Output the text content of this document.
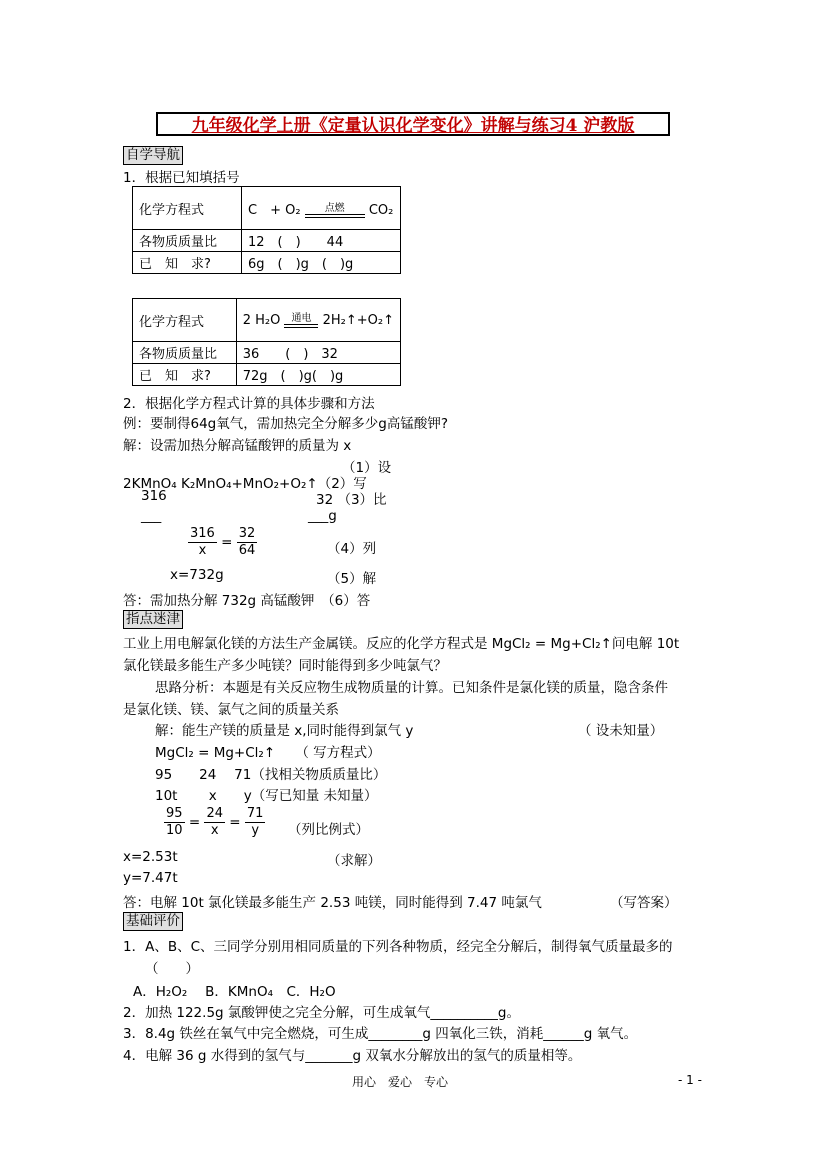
九年级化学上册《定量认识化学变化》讲解与练习4 沪教版
自学导航
1．根据已知填括号
化学方程式	C　+ O₂ 点燃 CO₂
各物质质量比	12　(　)　　44
已　知　求?	6g　(　)g　(　)g
化学方程式	2 H₂O 通电 2H₂↑+O₂↑
各物质质量比	36　　(　)　32
已　知　求?	72g　(　)g(　)g
2．根据化学方程式计算的具体步骤和方法
例：要制得64g氧气，需加热完全分解多少g高锰酸钾?
解：设需加热分解高锰酸钾的质量为 x
（1）设
2KMnO₄ K₂MnO₄+MnO₂+O₂↑（2）写
316	32 （3）比
___	___g
$\frac{316}{x} = \frac{32}{64}$	（4）列
x=732g	（5）解
答：需加热分解 732g 高锰酸钾　（6）答
指点迷津
工业上用电解氯化镁的方法生产金属镁。反应的化学方程式是 MgCl₂ = Mg+Cl₂↑问电解 10t
氯化镁最多能生产多少吨镁？同时能得到多少吨氯气？
思路分析：本题是有关反应物生成物质量的计算。已知条件是氯化镁的质量，隐含条件
是氯化镁、镁、氯气之间的质量关系
解：能生产镁的质量是 x,同时能得到氯气 y	（ 设未知量）
MgCl₂ = Mg+Cl₂↑　　（ 写方程式）
95　　24　 71（找相关物质质量比）
10t　　 x　　y（写已知量 未知量）
$\frac{95}{10} = \frac{24}{x} = \frac{71}{y}$ （列比例式）
x=2.53t	（求解）
y=7.47t
答：电解 10t 氯化镁最多能生产 2.53 吨镁，同时能得到 7.47 吨氯气	（写答案）
基础评价
1．A、B、C、三同学分别用相同质量的下列各种物质，经完全分解后，制得氧气质量最多的
（　　）
A．H₂O₂　 B．KMnO₄　C．H₂O
2．加热 122.5g 氯酸钾使之完全分解，可生成氧气__________g。
3．8.4g 铁丝在氧气中完全燃烧，可生成________g 四氧化三铁，消耗______g 氧气。
4．电解 36 g 水得到的氢气与_______g 双氧水分解放出的氢气的质量相等。
用心　爱心　专心	- 1 -
